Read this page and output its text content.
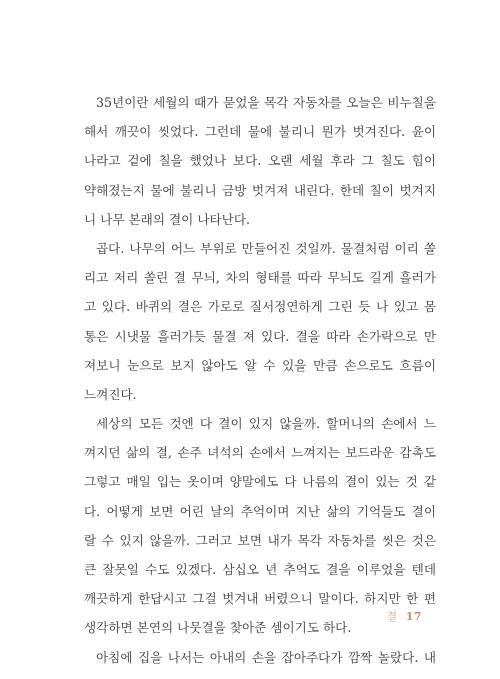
35년이란 세월의 때가 묻었을 목각 자동차를 오늘은 비누칠을
해서 깨끗이 씻었다. 그런데 물에 불리니 뭔가 벗겨진다. 윤이
나라고 겉에 칠을 했었나 보다. 오랜 세월 후라 그 칠도 힘이
약해졌는지 물에 불리니 금방 벗겨져 내린다. 한데 칠이 벗겨지
니 나무 본래의 결이 나타난다.
곱다. 나무의 어느 부위로 만들어진 것일까. 물결처럼 이리 쏠
리고 저리 쏠린 결 무늬, 차의 형태를 따라 무늬도 길게 흘러가
고 있다. 바퀴의 결은 가로로 질서정연하게 그린 듯 나 있고 몸
통은 시냇물 흘러가듯 물결 져 있다. 결을 따라 손가락으로 만
져보니 눈으로 보지 않아도 알 수 있을 만큼 손으로도 흐름이
느껴진다.
세상의 모든 것엔 다 결이 있지 않을까. 할머니의 손에서 느
껴지던 삶의 결, 손주 녀석의 손에서 느껴지는 보드라운 감촉도
그렇고 매일 입는 옷이며 양말에도 다 나름의 결이 있는 것 같
다. 어떻게 보면 어린 날의 추억이며 지난 삶의 기억들도 결이
랄 수 있지 않을까. 그러고 보면 내가 목각 자동차를 씻은 것은
큰 잘못일 수도 있겠다. 삼십오 년 추억도 결을 이루었을 텐데
깨끗하게 한답시고 그걸 벗겨내 버렸으니 말이다. 하지만 한 편
생각하면 본연의 나뭇결을 찾아준 셈이기도 하다.
아침에 집을 나서는 아내의 손을 잡아주다가 깜짝 놀랐다. 내
결 17
